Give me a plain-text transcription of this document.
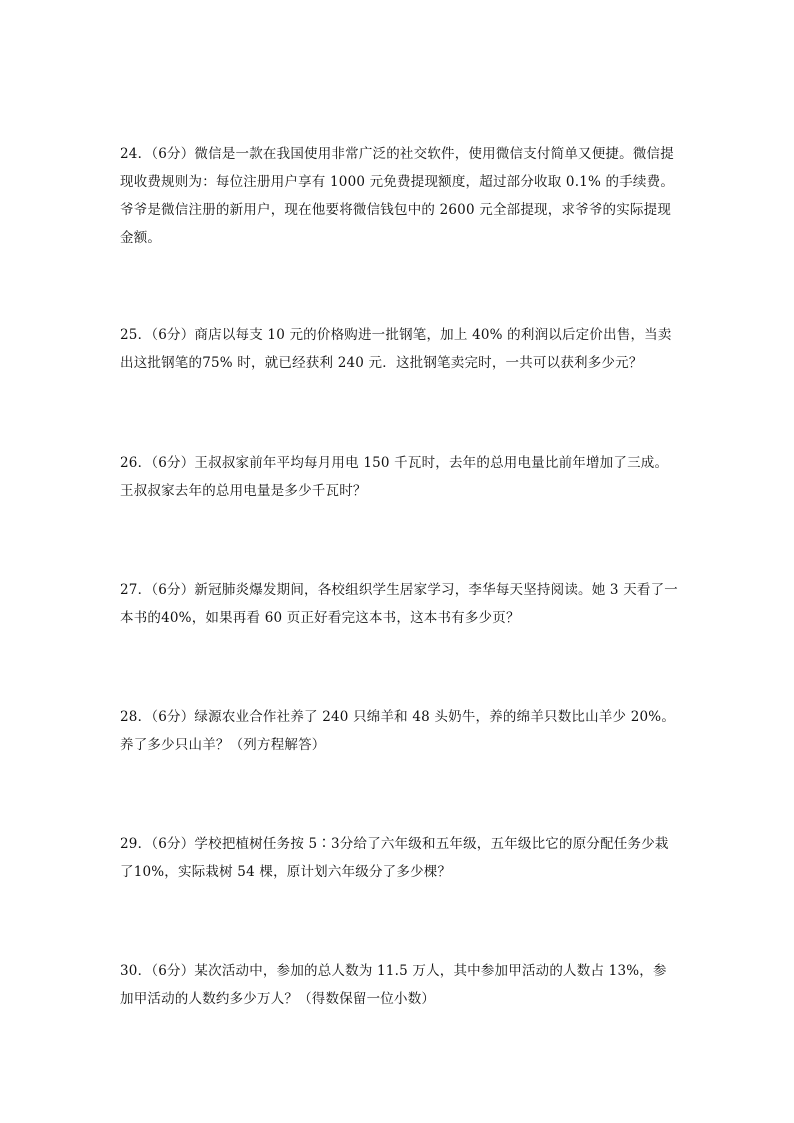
24．（6分）微信是一款在我国使用非常广泛的社交软件，使用微信支付简单又便捷。微信提现收费规则为：每位注册用户享有 1000 元免费提现额度，超过部分收取 0.1% 的手续费。爷爷是微信注册的新用户，现在他要将微信钱包中的 2600 元全部提现，求爷爷的实际提现金额。

25．（6分）商店以每支 10 元的价格购进一批钢笔，加上 40% 的利润以后定价出售，当卖出这批钢笔的75% 时，就已经获利 240 元．这批钢笔卖完时，一共可以获利多少元？

26．（6分）王叔叔家前年平均每月用电 150 千瓦时，去年的总用电量比前年增加了三成。王叔叔家去年的总用电量是多少千瓦时？

27．（6分）新冠肺炎爆发期间，各校组织学生居家学习，李华每天坚持阅读。她 3 天看了一本书的40%，如果再看 60 页正好看完这本书，这本书有多少页？

28．（6分）绿源农业合作社养了 240 只绵羊和 48 头奶牛，养的绵羊只数比山羊少 20%。养了多少只山羊？（列方程解答）

29．（6分）学校把植树任务按 5∶3分给了六年级和五年级，五年级比它的原分配任务少栽了10%，实际栽树 54 棵，原计划六年级分了多少棵？

30．（6分）某次活动中，参加的总人数为 11.5 万人，其中参加甲活动的人数占 13%，参加甲活动的人数约多少万人？（得数保留一位小数）
